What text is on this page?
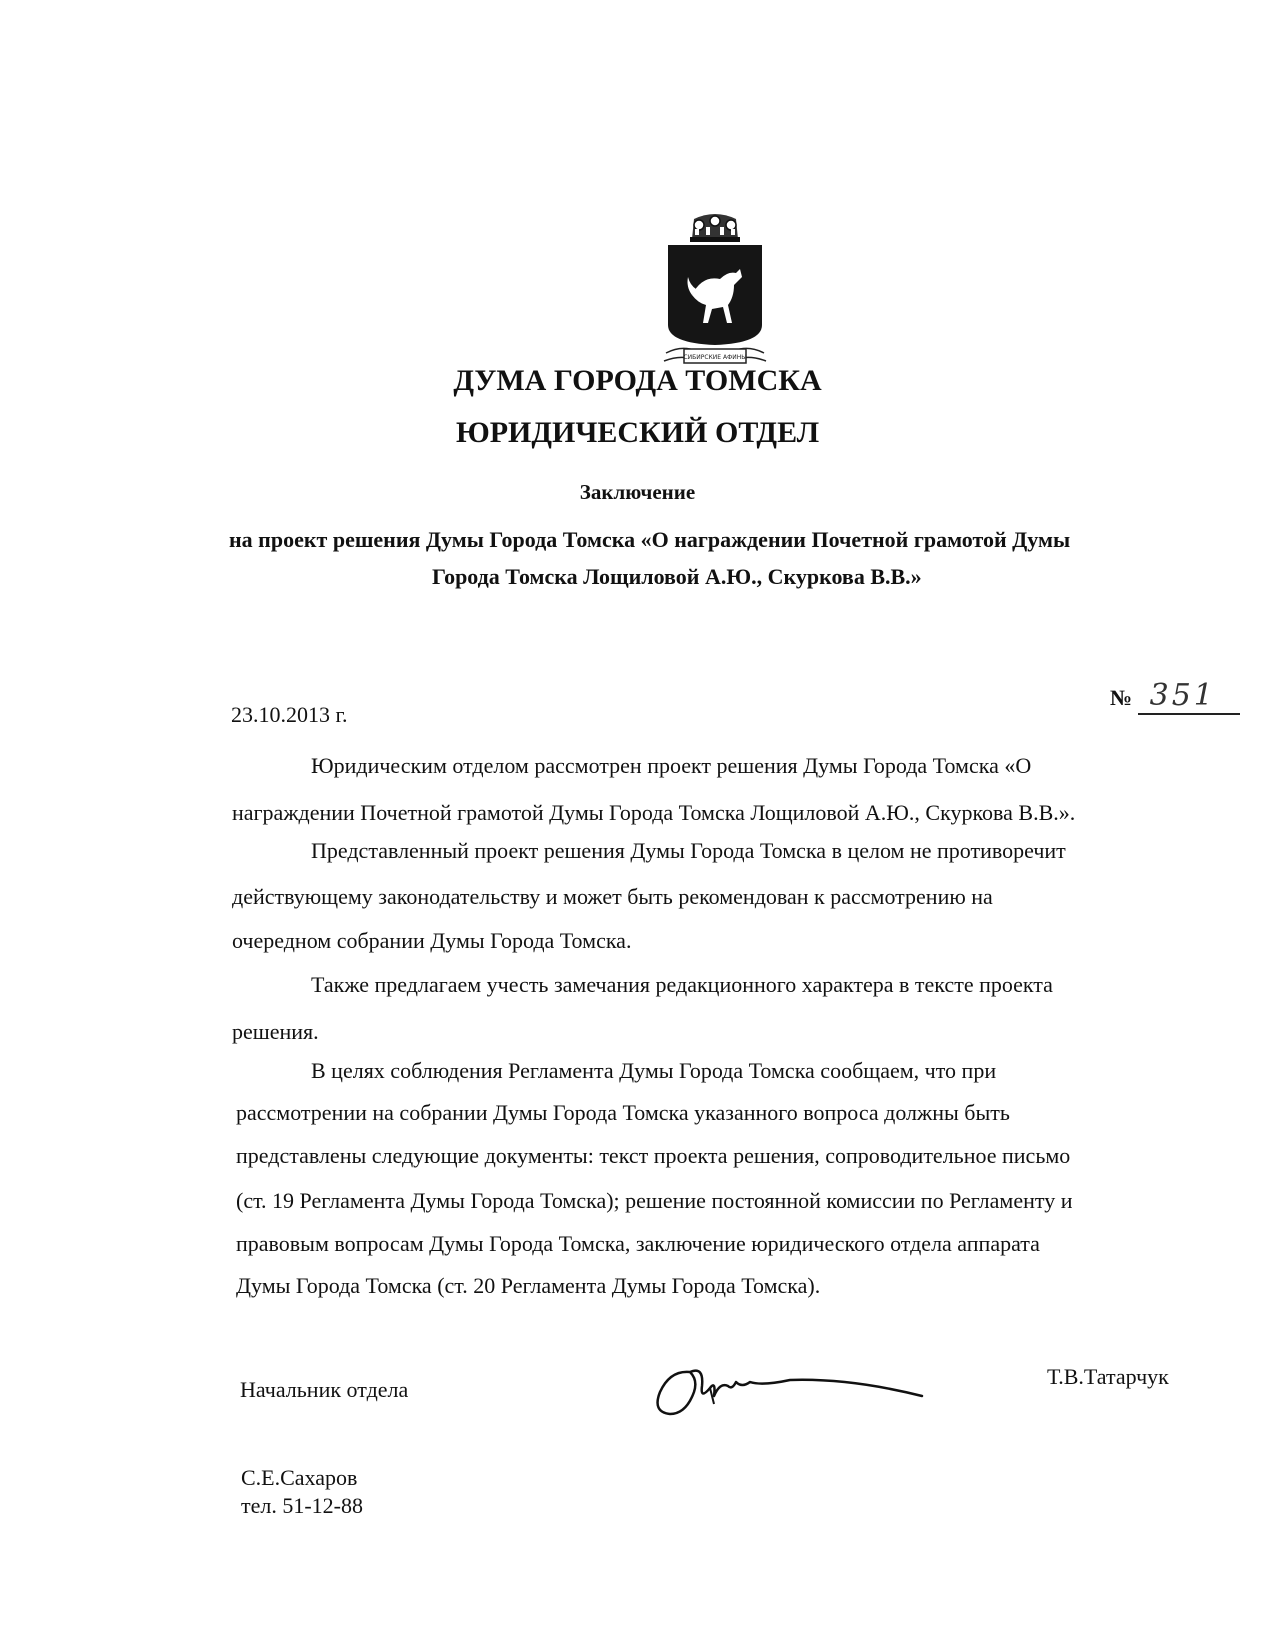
СИБИРСКИЕ АФИНЫ
ДУМА ГОРОДА ТОМСКА
ЮРИДИЧЕСКИЙ ОТДЕЛ
Заключение
на проект решения Думы Города Томска «О награждении Почетной грамотой Думы
Города Томска Лощиловой А.Ю., Скуркова В.В.»
23.10.2013 г.
№ 351
Юридическим отделом рассмотрен проект решения Думы Города Томска «О
награждении Почетной грамотой Думы Города Томска Лощиловой А.Ю., Скуркова В.В.».
Представленный проект решения Думы Города Томска в целом не противоречит
действующему законодательству и может быть рекомендован к рассмотрению на
очередном собрании Думы Города Томска.
Также предлагаем учесть замечания редакционного характера в тексте проекта
решения.
В целях соблюдения Регламента Думы Города Томска сообщаем, что при
рассмотрении на собрании Думы Города Томска указанного вопроса должны быть
представлены следующие документы: текст проекта решения, сопроводительное письмо
(ст. 19 Регламента Думы Города Томска); решение постоянной комиссии по Регламенту и
правовым вопросам Думы Города Томска, заключение юридического отдела аппарата
Думы Города Томска (ст. 20 Регламента Думы Города Томска).
Начальник отдела
Т.В.Татарчук
С.Е.Сахаров
тел. 51-12-88
